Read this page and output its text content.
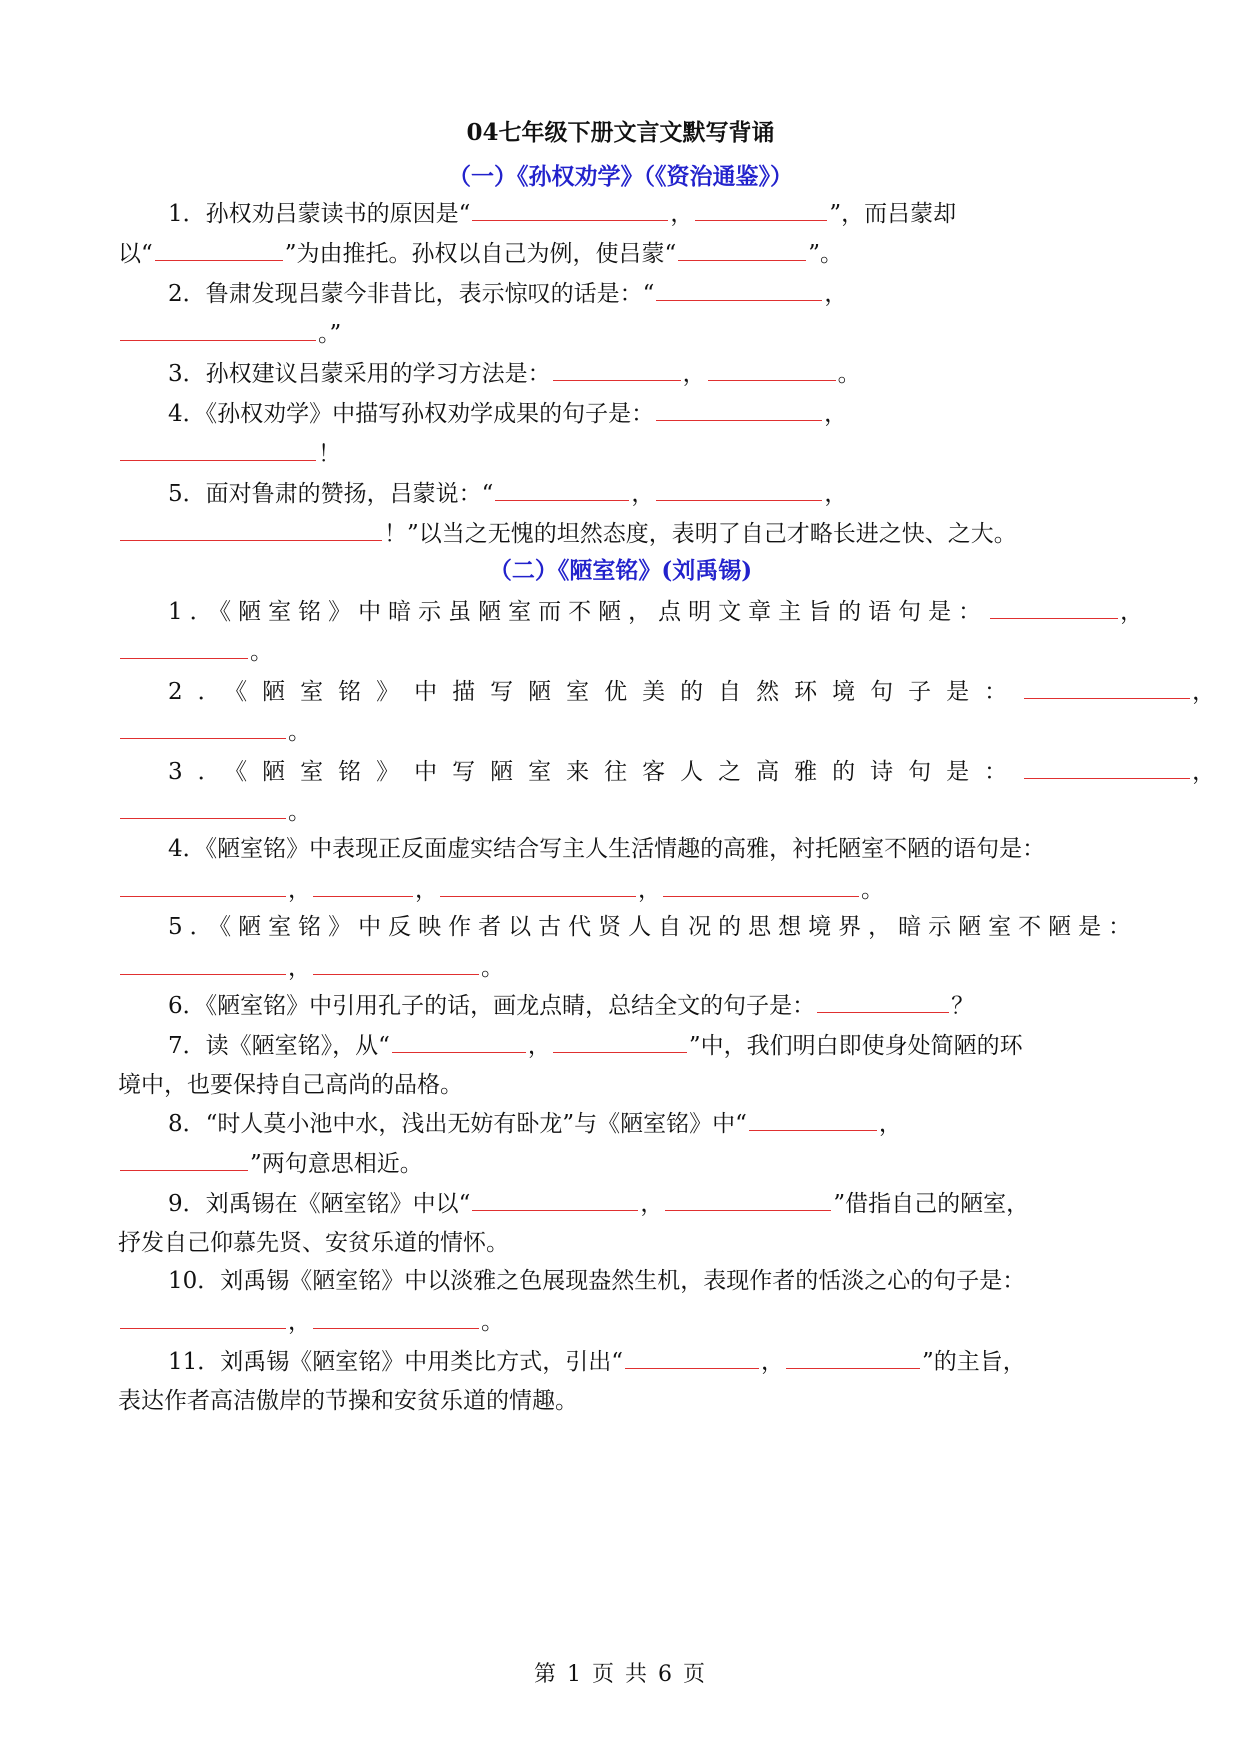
04七年级下册文言文默写背诵
（一）《孙权劝学》（《资治通鉴》）
1．孙权劝吕蒙读书的原因是“	，	”，而吕蒙却
以“	”为由推托。孙权以自己为例，使吕蒙“	”。
2．鲁肃发现吕蒙今非昔比，表示惊叹的话是：“	，
。”
3．孙权建议吕蒙采用的学习方法是：	，	。
4．《孙权劝学》中描写孙权劝学成果的句子是：	，
！
5．面对鲁肃的赞扬，吕蒙说：“	，	，
！”以当之无愧的坦然态度，表明了自己才略长进之快、之大。
（二）《陋室铭》(刘禹锡)
1．《陋室铭》中暗示虽陋室而不陋，点明文章主旨的语句是：	，
。
2．《陋室铭》中描写陋室优美的自然环境句子是：	，
。
3．《陋室铭》中写陋室来往客人之高雅的诗句是：	，
。
4．《陋室铭》中表现正反面虚实结合写主人生活情趣的高雅，衬托陋室不陋的语句是：
，	，	，	。
5．《陋室铭》中反映作者以古代贤人自况的思想境界，暗示陋室不陋是：
，	。
6．《陋室铭》中引用孔子的话，画龙点睛，总结全文的句子是：	？
7．读《陋室铭》，从“	，	”中，我们明白即使身处简陋的环
境中，也要保持自己高尚的品格。
8．“时人莫小池中水，浅出无妨有卧龙”与《陋室铭》中“	，
”两句意思相近。
9．刘禹锡在《陋室铭》中以“	，	”借指自己的陋室，
抒发自己仰慕先贤、安贫乐道的情怀。
10．刘禹锡《陋室铭》中以淡雅之色展现盎然生机，表现作者的恬淡之心的句子是：
，	。
11．刘禹锡《陋室铭》中用类比方式，引出“	，	”的主旨，
表达作者高洁傲岸的节操和安贫乐道的情趣。
第 1 页 共 6 页
